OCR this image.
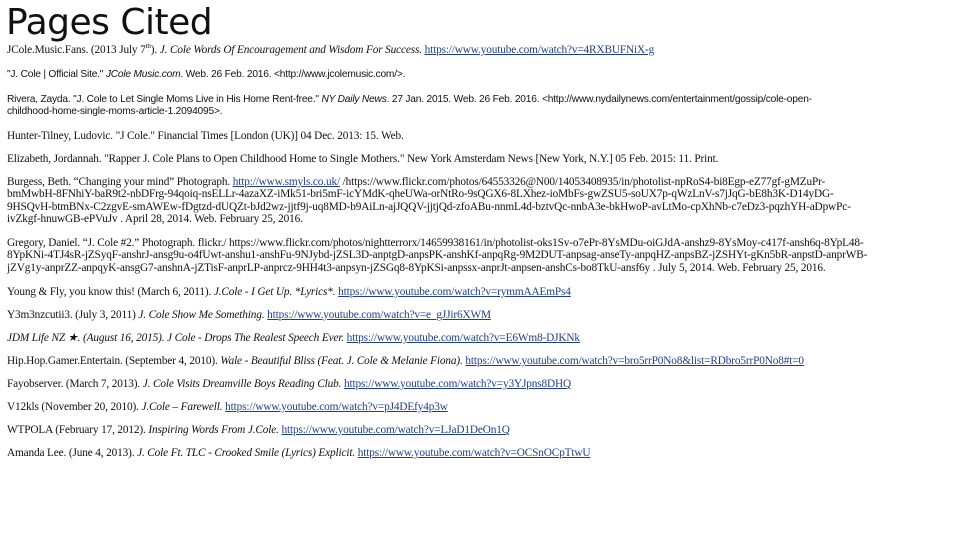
Pages Cited

JCole.Music.Fans. (2013 July 7th). J. Cole Words Of Encouragement and Wisdom For Success. https://www.youtube.com/watch?v=4RXBUFNiX-g

"J. Cole | Official Site." JCole Music.com. Web. 26 Feb. 2016. <http://www.jcolemusic.com/>.

Rivera, Zayda. "J. Cole to Let Single Moms Live in His Home Rent-free." NY Daily News. 27 Jan. 2015. Web. 26 Feb. 2016. <http://www.nydailynews.com/entertainment/gossip/cole-open-
childhood-home-single-moms-article-1.2094095>.

Hunter-Tilney, Ludovic. "J Cole." Financial Times [London (UK)] 04 Dec. 2013: 15. Web.

Elizabeth, Jordannah. "Rapper J. Cole Plans to Open Childhood Home to Single Mothers." New York Amsterdam News [New York, N.Y.] 05 Feb. 2015: 11. Print.

Burgess, Beth. “Changing your mind” Photograph. http://www.smyls.co.uk/ /https://www.flickr.com/photos/64553326@N00/14053408935/in/photolist-npRoS4-bi8Egp-eZ77gf-gMZuPr-
bmMwbH-8FNhiY-baR9t2-nbDFrg-94qoiq-nsELLr-4azaXZ-iMk51-bri5mF-icYMdK-qheUWa-orNtRo-9sQGX6-8LXhez-ioMbFs-gwZSU5-soUX7p-qWzLnV-s7jJqG-bE8h3K-D14yDG-
9HSQvH-btmBNx-C2zgvE-smAWEw-fDgtzd-dUQZt-bJd2wz-jjtf9j-uq8MD-b9AiLn-ajJQQV-jjtjQd-zfoABu-nnmL4d-bztvQc-nnbA3e-bkHwoP-avLtMo-cpXhNb-c7eDz3-pqzhYH-aDpwPc-
ivZkgf-hnuwGB-ePVuJv . April 28, 2014. Web. February 25, 2016.
Gregory, Daniel. “J. Cole #2.” Photograph. flickr./ https://www.flickr.com/photos/nightterrorx/14659938161/in/photolist-oks1Sv-o7ePr-8YsMDu-oiGJdA-anshz9-8YsMoy-c417f-ansh6q-8YpL48-
8YpKNi-4TJ4sR-jZSyqF-anshrJ-ansg9u-o4fUwt-anshu1-anshFu-9NJybd-jZSL3D-anptgD-anpsPK-anshKf-anpqRg-9M2DUT-anpsag-anseTy-anpqHZ-anpsBZ-jZSHYt-gKn5bR-anpstD-anprWB-
jZVg1y-anprZZ-anpqyK-ansgG7-anshnA-jZTisF-anprLP-anprcz-9HH4t3-anpsyn-jZSGq8-8YpKSi-anpssx-anprJt-anpsen-anshCs-bo8TkU-ansf6y . July 5, 2014. Web. February 25, 2016.

Young & Fly, you know this! (March 6, 2011). J.Cole - I Get Up. *Lyrics*. https://www.youtube.com/watch?v=rymmAAEmPs4

Y3m3nzcutii3. (July 3, 2011) J. Cole Show Me Something. https://www.youtube.com/watch?v=e_gJJir6XWM

JDM Life NZ ★. (August 16, 2015). J Cole - Drops The Realest Speech Ever. https://www.youtube.com/watch?v=E6Wm8-DJKNk

Hip.Hop.Gamer.Entertain. (September 4, 2010). Wale - Beautiful Bliss (Feat. J. Cole & Melanie Fiona). https://www.youtube.com/watch?v=bro5rrP0No8&list=RDbro5rrP0No8#t=0

Fayobserver. (March 7, 2013). J. Cole Visits Dreamville Boys Reading Club. https://www.youtube.com/watch?v=y3YJpns8DHQ

V12kls (November 20, 2010). J.Cole – Farewell. https://www.youtube.com/watch?v=pJ4DEfy4p3w

WTPOLA (February 17, 2012). Inspiring Words From J.Cole. https://www.youtube.com/watch?v=LJaD1DeOn1Q

Amanda Lee. (June 4, 2013). J. Cole Ft. TLC - Crooked Smile (Lyrics) Explicit. https://www.youtube.com/watch?v=OCSnOCpTtwU
